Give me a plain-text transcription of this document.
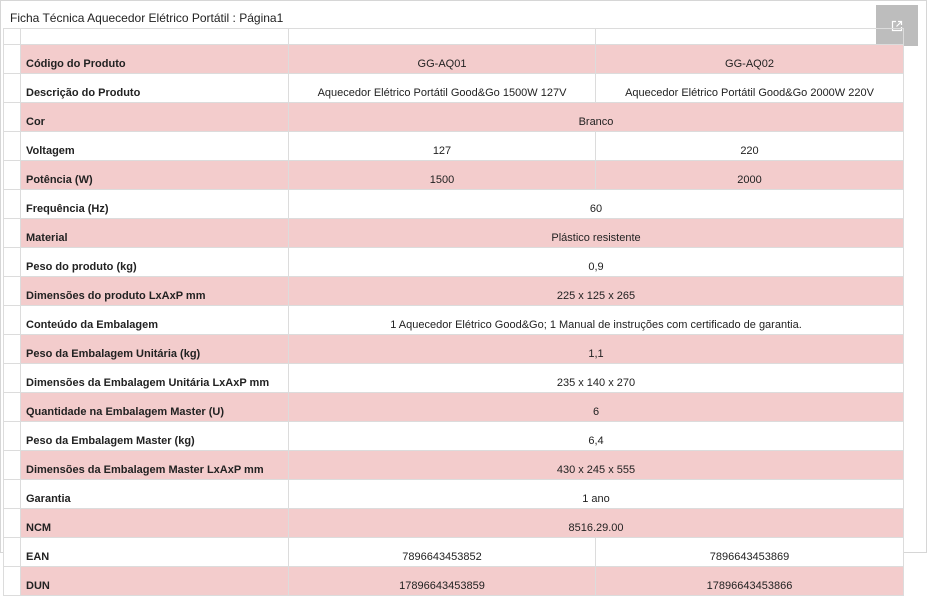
Ficha Técnica Aquecedor Elétrico Portátil : Página1

	Código do Produto	GG-AQ01	GG-AQ02
	Descrição do Produto	Aquecedor Elétrico Portátil Good&Go 1500W 127V	Aquecedor Elétrico Portátil Good&Go 2000W 220V
	Cor	Branco	
	Voltagem	127	220
	Potência (W)	1500	2000
	Frequência (Hz)	60	
	Material	Plástico resistente	
	Peso do produto (kg)	0,9	
	Dimensões do produto LxAxP mm	225 x 125 x 265	
	Conteúdo da Embalagem	1 Aquecedor Elétrico Good&Go; 1 Manual de instruções com certificado de garantia.	
	Peso da Embalagem Unitária (kg)	1,1	
	Dimensões da Embalagem Unitária LxAxP mm	235 x 140 x 270	
	Quantidade na Embalagem Master (U)	6	
	Peso da Embalagem Master (kg)	6,4	
	Dimensões da Embalagem Master LxAxP mm	430 x 245 x 555	
	Garantia	1 ano	
	NCM	8516.29.00	
	EAN	7896643453852	7896643453869
	DUN	17896643453859	17896643453866
